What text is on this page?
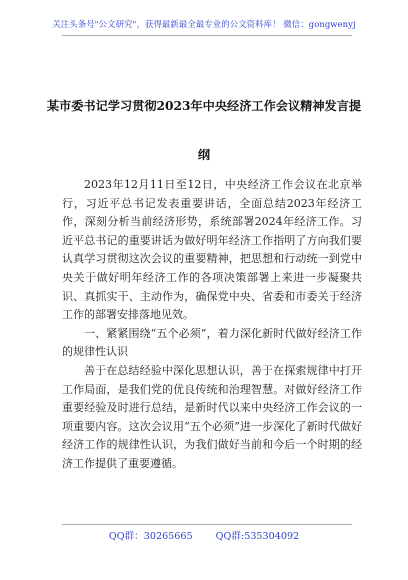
关注头条号"公文研究"，获得最新最全最专业的公文资料库！ 微信：gongwenyj
某市委书记学习贯彻2023年中央经济工作会议精神发言提
纲

2023年12月11日至12日，中央经济工作会议在北京举行，习近平总书记发表重要讲话，全面总结2023年经济工作，深刻分析当前经济形势，系统部署2024年经济工作。习近平总书记的重要讲话为做好明年经济工作指明了方向我们要认真学习贯彻这次会议的重要精神，把思想和行动统一到党中央关于做好明年经济工作的各项决策部署上来进一步凝聚共识、真抓实干、主动作为，确保党中央、省委和市委关于经济工作的部署安排落地见效。

一、紧紧围绕“五个必须”，着力深化新时代做好经济工作的规律性认识

善于在总结经验中深化思想认识，善于在探索规律中打开工作局面，是我们党的优良传统和治理智慧。对做好经济工作重要经验及时进行总结，是新时代以来中央经济工作会议的一项重要内容。这次会议用“五个必须”进一步深化了新时代做好经济工作的规律性认识，为我们做好当前和今后一个时期的经济工作提供了重要遵循。

QQ群：30265665 QQ群:535304092
